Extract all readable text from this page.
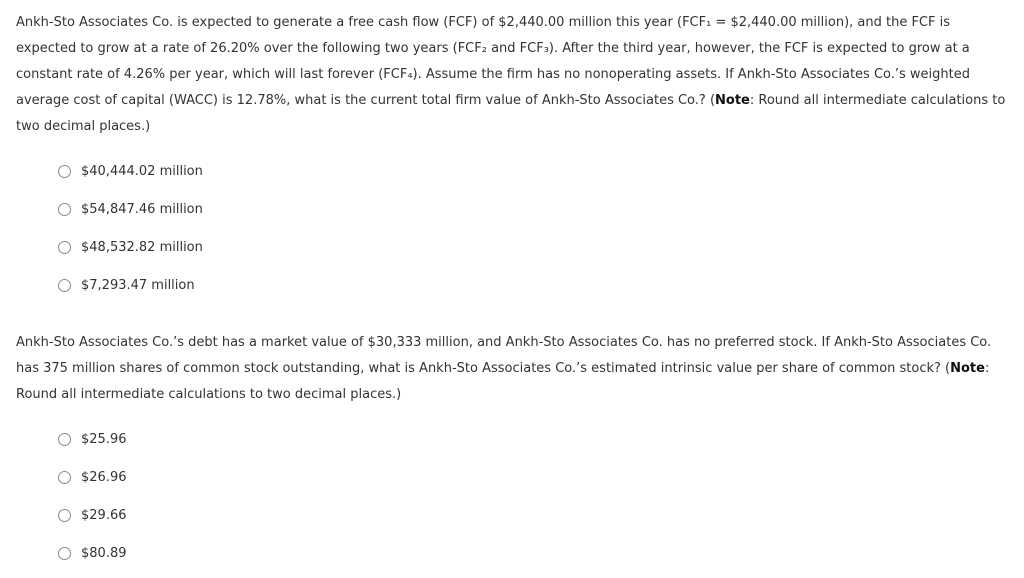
Ankh-Sto Associates Co. is expected to generate a free cash flow (FCF) of $2,440.00 million this year (FCF₁ = $2,440.00 million), and the FCF is expected to grow at a rate of 26.20% over the following two years (FCF₂ and FCF₃). After the third year, however, the FCF is expected to grow at a constant rate of 4.26% per year, which will last forever (FCF₄). Assume the firm has no nonoperating assets. If Ankh-Sto Associates Co.’s weighted average cost of capital (WACC) is 12.78%, what is the current total firm value of Ankh-Sto Associates Co.? (Note: Round all intermediate calculations to two decimal places.)

$40,444.02 million
$54,847.46 million
$48,532.82 million
$7,293.47 million

Ankh-Sto Associates Co.’s debt has a market value of $30,333 million, and Ankh-Sto Associates Co. has no preferred stock. If Ankh-Sto Associates Co. has 375 million shares of common stock outstanding, what is Ankh-Sto Associates Co.’s estimated intrinsic value per share of common stock? (Note: Round all intermediate calculations to two decimal places.)

$25.96
$26.96
$29.66
$80.89
